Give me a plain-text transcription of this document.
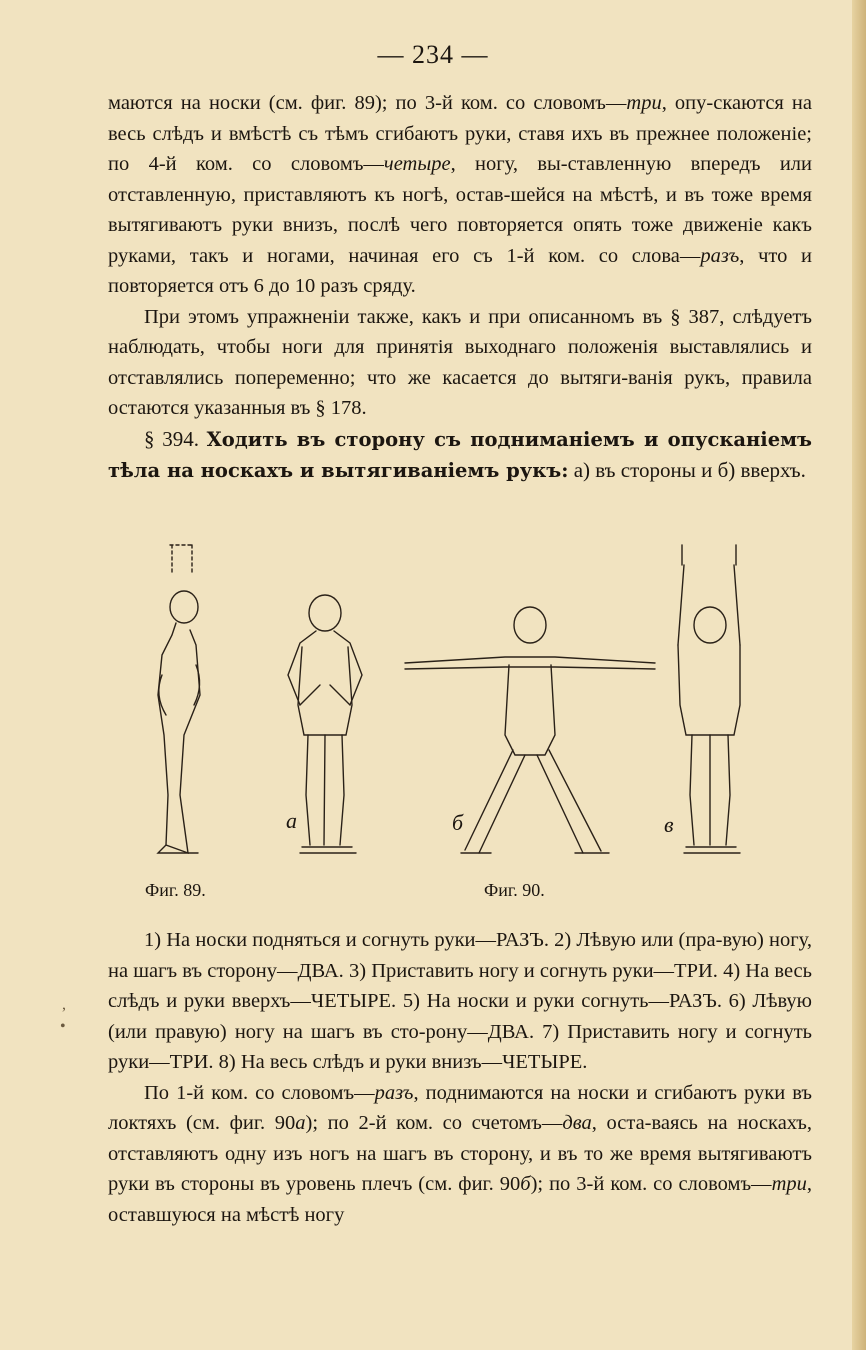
— 234 —

маются на носки (см. фиг. 89); по 3-й ком. со словомъ—три, опу-скаются на весь слѣдъ и вмѣстѣ съ тѣмъ сгибаютъ руки, ставя ихъ въ прежнее положеніе; по 4-й ком. со словомъ—четыре, ногу, вы-ставленную впередъ или отставленную, приставляютъ къ ногѣ, остав-шейся на мѣстѣ, и въ тоже время вытягиваютъ руки внизъ, послѣ чего повторяется опять тоже движеніе какъ руками, такъ и ногами, начиная его съ 1-й ком. со слова—разъ, что и повторяется отъ 6 до 10 разъ сряду.

При этомъ упражненіи также, какъ и при описанномъ въ § 387, слѣдуетъ наблюдать, чтобы ноги для принятія выходнаго положенія выставлялись и отставлялись попеременно; что же касается до вытяги-ванія рукъ, правила остаются указанныя въ § 178.

§ 394. Ходить въ сторону съ поднимaніемъ и опусканіемъ тѣла на носкахъ и вытягиваніемъ рукъ: а) въ стороны и б) вверхъ.

a	б	в
Фиг. 89.	Фиг. 90.

1) На носки подняться и согнуть руки—РАЗЪ. 2) Лѣвую или (пра-вую) ногу, на шагъ въ сторону—ДВА. 3) Приставить ногу и согнуть руки—ТРИ. 4) На весь слѣдъ и руки вверхъ—ЧЕТЫРЕ. 5) На носки и руки согнуть—РАЗЪ. 6) Лѣвую (или правую) ногу на шагъ въ сто-рону—ДВА. 7) Приставить ногу и согнуть руки—ТРИ. 8) На весь слѣдъ и руки внизъ—ЧЕТЫРЕ.

По 1-й ком. со словомъ—разъ, поднимаются на носки и сгибаютъ руки въ локтяхъ (см. фиг. 90а); по 2-й ком. со счетомъ—два, оста-ваясь на носкахъ, отставляютъ одну изъ ногъ на шагъ въ сторону, и въ то же время вытягиваютъ руки въ стороны въ уровень плечъ (см. фиг. 90б); по 3-й ком. со словомъ—три, оставшуюся на мѣстѣ ногу

,
•
